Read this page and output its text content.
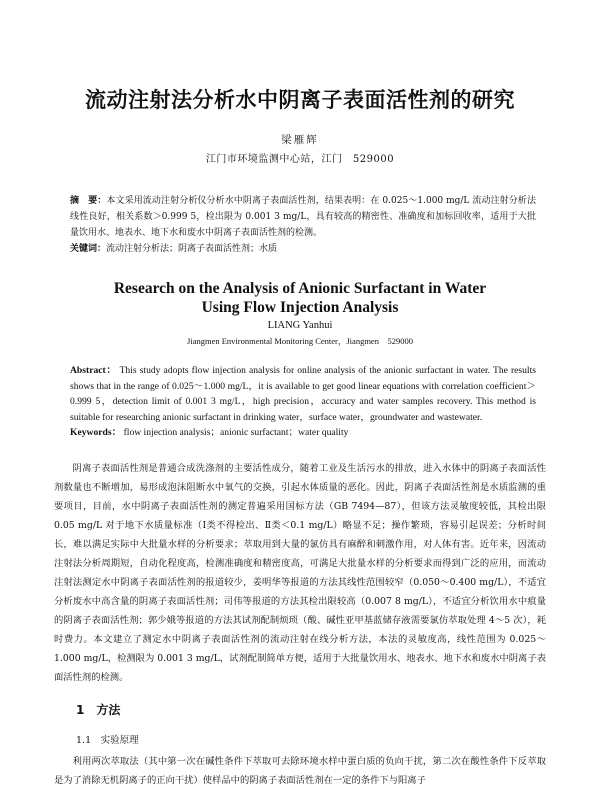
流动注射法分析水中阴离子表面活性剂的研究
梁雁辉
江门市环境监测中心站，江门　529000
摘　要：本文采用流动注射分析仪分析水中阴离子表面活性剂，结果表明：在 0.025～1.000 mg/L 流动注射分析法线性良好，相关系数＞0.999 5，检出限为 0.001 3 mg/L，具有较高的精密性、准确度和加标回收率，适用于大批量饮用水、地表水、地下水和废水中阴离子表面活性剂的检测。
关键词：流动注射分析法；阴离子表面活性剂；水质
Research on the Analysis of Anionic Surfactant in Water
Using Flow Injection Analysis
LIANG Yanhui
Jiangmen Environmental Monitoring Center，Jiangmen　529000
Abstract： This study adopts flow injection analysis for online analysis of the anionic surfactant in water. The results shows that in the range of 0.025～1.000 mg/L，it is available to get good linear equations with correlation coefficient＞0.999 5，detection limit of 0.001 3 mg/L，high precision，accuracy and water samples recovery. This method is suitable for researching anionic surfactant in drinking water，surface water，groundwater and wastewater.
Keywords： flow injection analysis；anionic surfactant；water quality

阴离子表面活性剂是普通合成洗涤剂的主要活性成分，随着工业及生活污水的排放，进入水体中的阴离子表面活性剂数量也不断增加，易形成泡沫阻断水中氧气的交换，引起水体质量的恶化。因此，阴离子表面活性剂是水质监测的重要项目，目前，水中阴离子表面活性剂的测定普遍采用国标方法（GB 7494—87），但该方法灵敏度较低，其检出限 0.05 mg/L 对于地下水质量标准（Ⅰ类不得检出、Ⅱ类＜0.1 mg/L）略显不足；操作繁琐，容易引起误差；分析时间长，难以满足实际中大批量水样的分析要求；萃取用到大量的氯仿具有麻醉和刺激作用，对人体有害。近年来，因流动注射法分析周期短，自动化程度高，检测准确度和精密度高，可满足大批量水样的分析要求而得到广泛的应用，而流动注射法测定水中阴离子表面活性剂的报道较少，姜明华等报道的方法其线性范围较窄（0.050～0.400 mg/L），不适宜分析废水中高含量的阴离子表面活性剂；司伟等报道的方法其检出限较高（0.007 8 mg/L），不适宜分析饮用水中痕量的阴离子表面活性剂；郭少娥等报道的方法其试剂配制烦琐（酸、碱性亚甲基蓝储存液需要氯仿萃取处理 4～5 次），耗时费力。本文建立了测定水中阴离子表面活性剂的流动注射在线分析方法，本法的灵敏度高，线性范围为 0.025～1.000 mg/L，检测限为 0.001 3 mg/L，试剂配制简单方便，适用于大批量饮用水、地表水、地下水和废水中阴离子表面活性剂的检测。

1　方法
1.1　实验原理

利用两次萃取法（其中第一次在碱性条件下萃取可去除环境水样中蛋白质的负向干扰，第二次在酸性条件下反萃取是为了消除无机阴离子的正向干扰）使样品中的阴离子表面活性剂在一定的条件下与阳离子
